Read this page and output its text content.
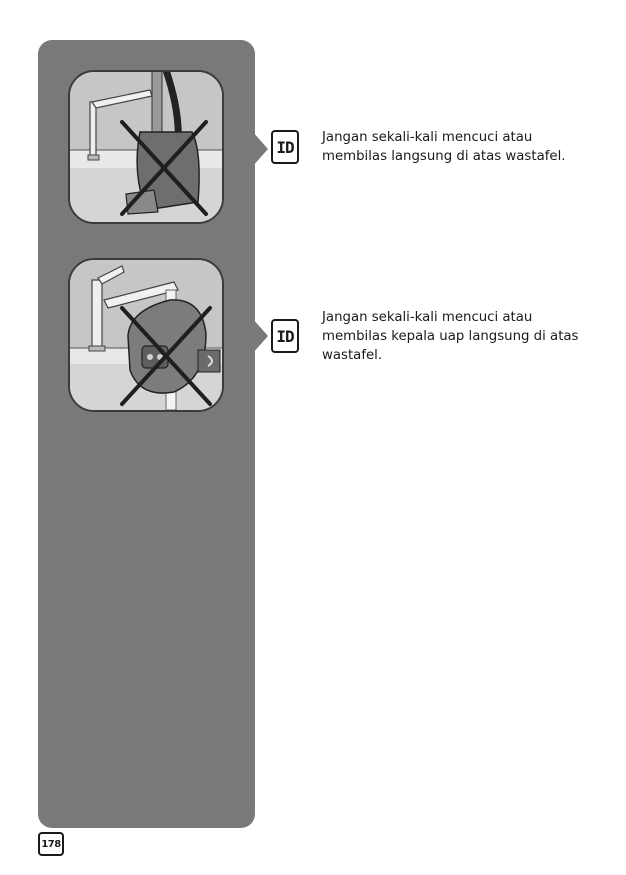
ID	Jangan sekali-kali mencuci atau membilas langsung di atas wastafel.
ID
Jangan sekali-kali mencuci atau membilas kepala uap langsung di atas wastafel.
178
